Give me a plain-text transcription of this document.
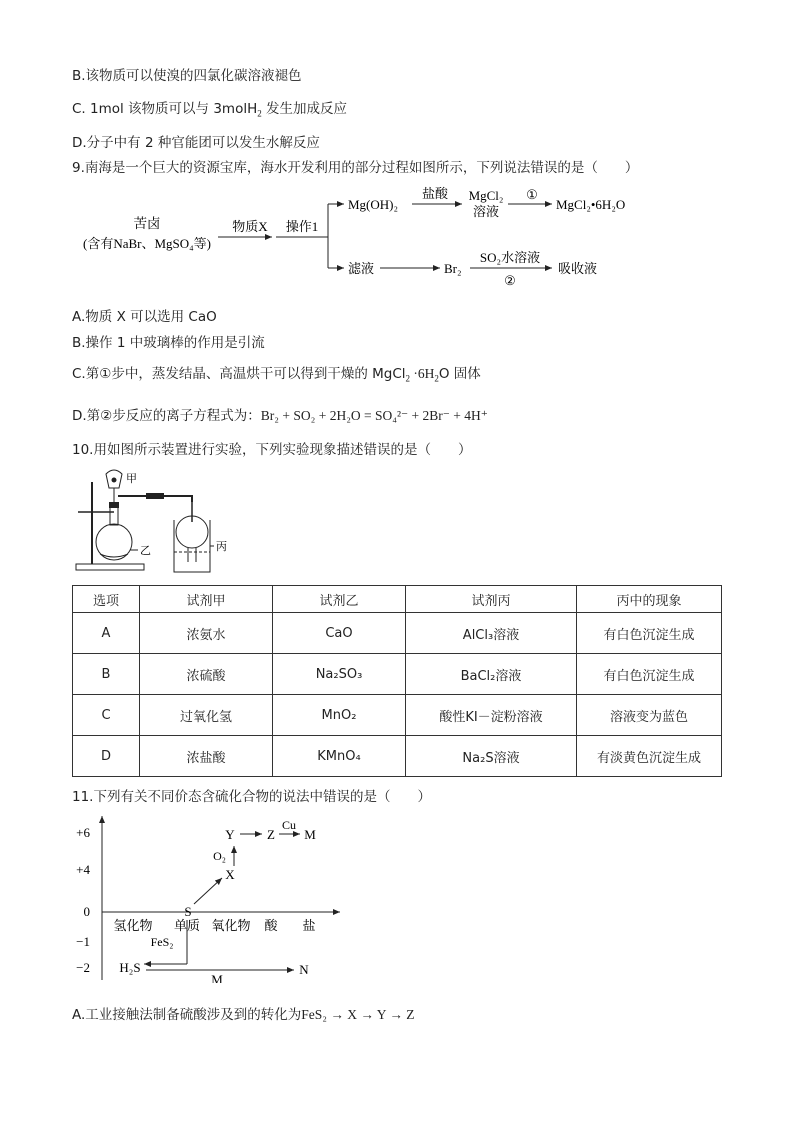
B.该物质可以使溴的四氯化碳溶液褪色
C. 1mol 该物质可以与 3molH$_2$ 发生加成反应
D.分子中有 2 种官能团可以发生水解反应
9.南海是一个巨大的资源宝库，海水开发利用的部分过程如图所示，下列说法错误的是（　　）
苦卤
(含有NaBr、MgSO₄等)
物质X 操作1
Mg(OH)₂
盐酸 MgCl₂
溶液
①
MgCl₂•6H₂O
滤液	Br₂
SO₂水溶液
②
吸收液
A.物质 X 可以选用 CaO
B.操作 1 中玻璃棒的作用是引流
C.第①步中，蒸发结晶、高温烘干可以得到干燥的 MgCl$_2$ $\cdot 6H_2O$ 固体
D.第②步反应的离子方程式为：Br₂ + SO₂ + 2H₂O = SO₄²⁻ + 2Br⁻ + 4H⁺
10.用如图所示装置进行实验，下列实验现象描述错误的是（　　）
甲
乙	丙
选项	试剂甲	试剂乙	试剂丙	丙中的现象
A	浓氨水	CaO	AlCl₃溶液	有白色沉淀生成
B	浓硫酸	Na₂SO₃	BaCl₂溶液	有白色沉淀生成
C	过氧化氢	MnO₂	酸性KI－淀粉溶液	溶液变为蓝色
D	浓盐酸	KMnO₄	Na₂S溶液	有淡黄色沉淀生成
11.下列有关不同价态含硫化合物的说法中错误的是（　　）
+6
+4
0
−1
−2
氢化物 单质 氧化物 酸 盐
S
X
O₂
Y Z
Cu
M
FeS₂
H₂S
M
N
A.工业接触法制备硫酸涉及到的转化为FeS₂ → X → Y → Z
